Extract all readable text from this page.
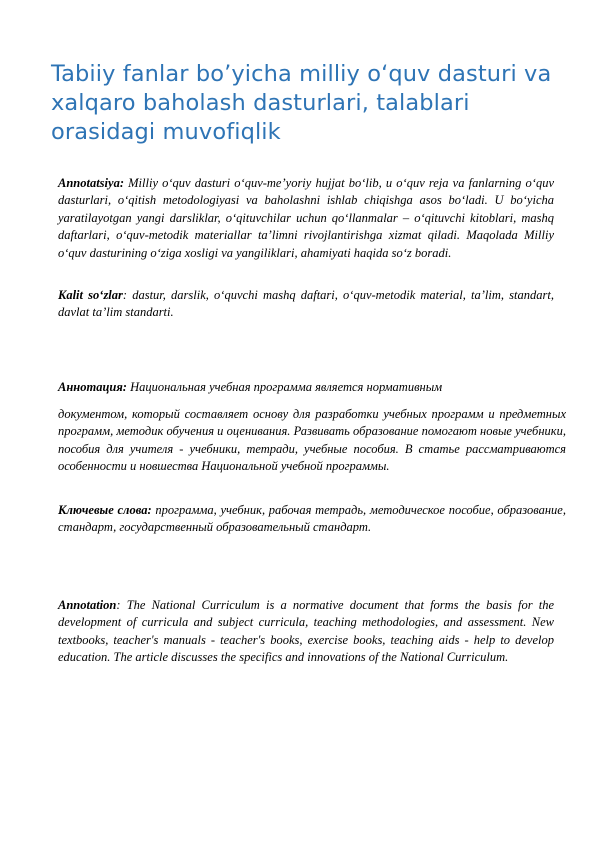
Tabiiy fanlar bo’yicha milliy o‘quv dasturi va xalqaro baholash dasturlari, talablari orasidagi muvofiqlik

Annotatsiya: Milliy o‘quv dasturi o‘quv-me’yoriy hujjat bo‘lib, u o‘quv reja va fanlarning o‘quv dasturlari, o‘qitish metodologiyasi va baholashni ishlab chiqishga asos bo‘ladi. U bo‘yicha yaratilayotgan yangi darsliklar, o‘qituvchilar uchun qo‘llanmalar – o‘qituvchi kitoblari, mashq daftarlari, o‘quv-metodik materiallar ta’limni rivojlantirishga xizmat qiladi. Maqolada Milliy o‘quv dasturining o‘ziga xosligi va yangiliklari, ahamiyati haqida so‘z boradi.

Kalit so‘zlar: dastur, darslik, o‘quvchi mashq daftari, o‘quv-metodik material, ta’lim, standart, davlat ta’lim standarti.

Аннотация: Национальная учебная программа является нормативным

документом, который составляет основу для разработки учебных программ и предметных программ, методик обучения и оценивания. Развивать образование помогают новые учебники, пособия для учителя - учебники, тетради, учебные пособия. В статье рассматриваются особенности и новшества Национальной учебной программы.

Ключевые слова: программа, учебник, рабочая тетрадь, методическое пособие, образование, стандарт, государственный образовательный стандарт.

Annotation: The National Curriculum is a normative document that forms the basis for the development of curricula and subject curricula, teaching methodologies, and assessment. New textbooks, teacher's manuals - teacher's books, exercise books, teaching aids - help to develop education. The article discusses the specifics and innovations of the National Curriculum.
